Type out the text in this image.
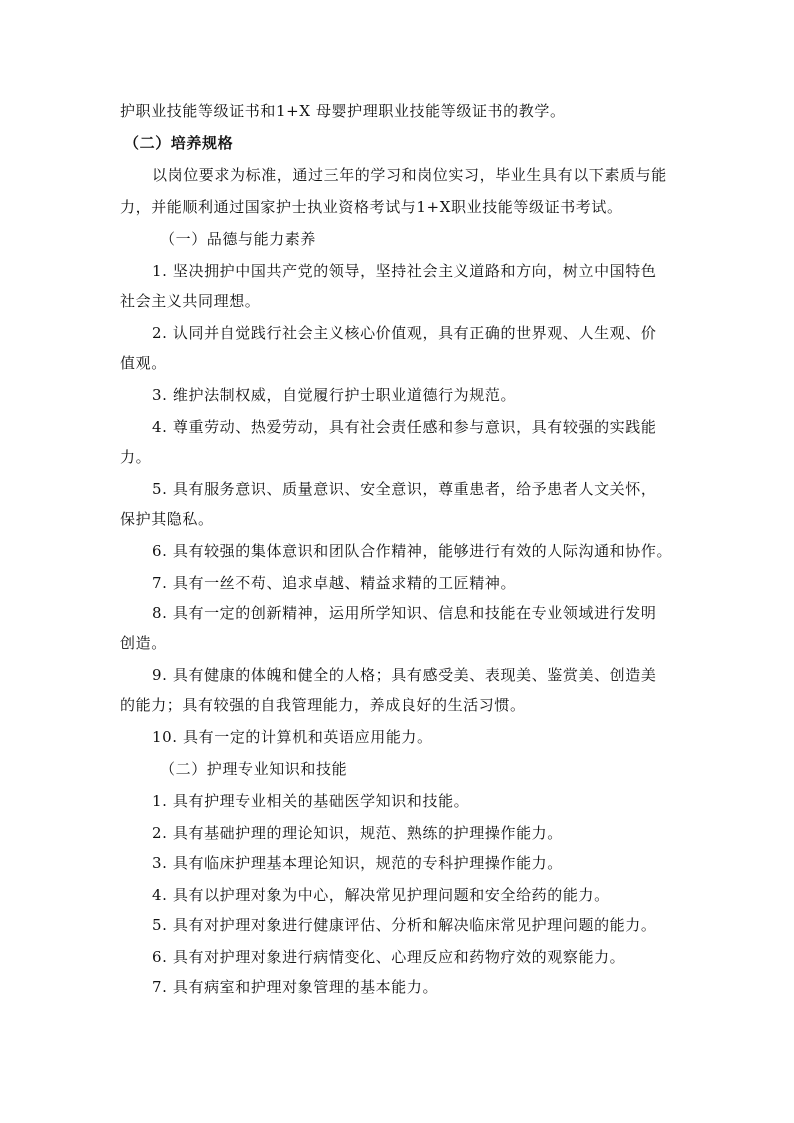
护职业技能等级证书和1+X 母婴护理职业技能等级证书的教学。
（二）培养规格
以岗位要求为标准，通过三年的学习和岗位实习，毕业生具有以下素质与能
力，并能顺利通过国家护士执业资格考试与1+X职业技能等级证书考试。
（一）品德与能力素养
1. 坚决拥护中国共产党的领导，坚持社会主义道路和方向，树立中国特色
社会主义共同理想。
2. 认同并自觉践行社会主义核心价值观，具有正确的世界观、人生观、价
值观。
3. 维护法制权威，自觉履行护士职业道德行为规范。
4. 尊重劳动、热爱劳动，具有社会责任感和参与意识，具有较强的实践能
力。
5. 具有服务意识、质量意识、安全意识，尊重患者，给予患者人文关怀，
保护其隐私。
6. 具有较强的集体意识和团队合作精神，能够进行有效的人际沟通和协作。
7. 具有一丝不苟、追求卓越、精益求精的工匠精神。
8. 具有一定的创新精神，运用所学知识、信息和技能在专业领域进行发明
创造。
9. 具有健康的体魄和健全的人格；具有感受美、表现美、鉴赏美、创造美
的能力；具有较强的自我管理能力，养成良好的生活习惯。
10. 具有一定的计算机和英语应用能力。
（二）护理专业知识和技能
1. 具有护理专业相关的基础医学知识和技能。
2. 具有基础护理的理论知识，规范、熟练的护理操作能力。
3. 具有临床护理基本理论知识，规范的专科护理操作能力。
4. 具有以护理对象为中心，解决常见护理问题和安全给药的能力。
5. 具有对护理对象进行健康评估、分析和解决临床常见护理问题的能力。
6. 具有对护理对象进行病情变化、心理反应和药物疗效的观察能力。
7. 具有病室和护理对象管理的基本能力。
